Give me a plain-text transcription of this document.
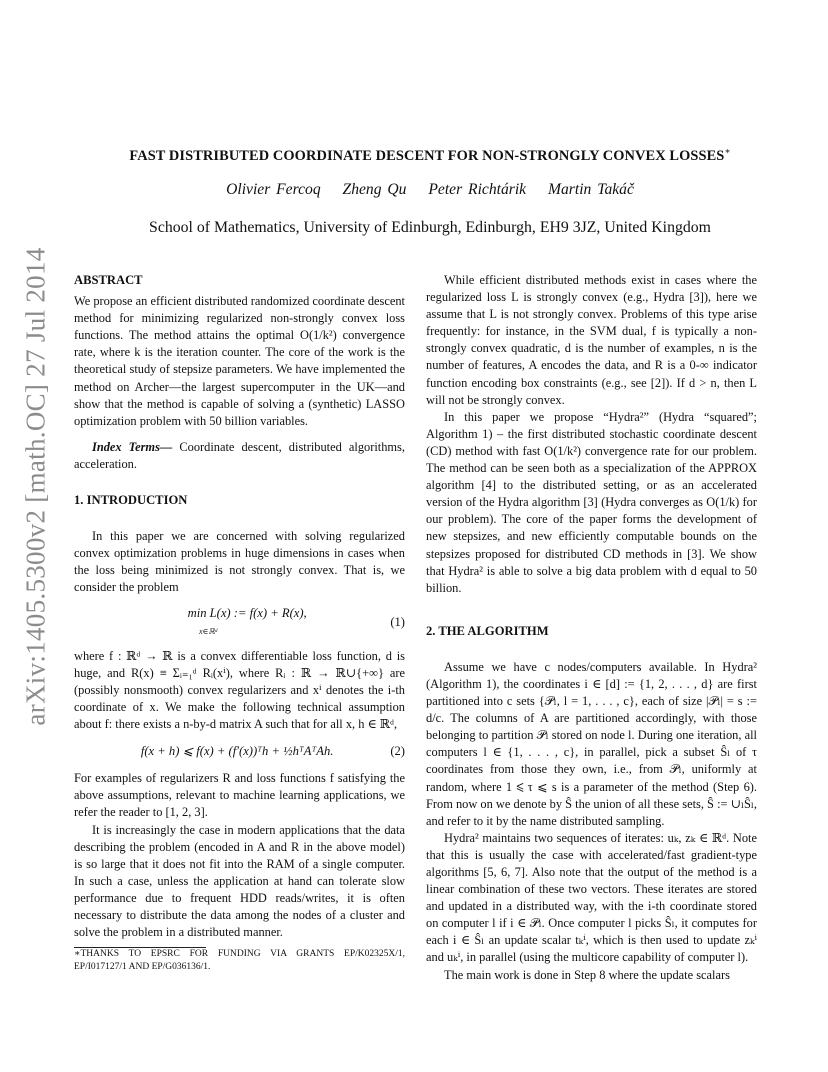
arXiv:1405.5300v2 [math.OC] 27 Jul 2014
FAST DISTRIBUTED COORDINATE DESCENT FOR NON-STRONGLY CONVEX LOSSES∗
Olivier Fercoq Zheng Qu Peter Richtárik Martin Takáč
School of Mathematics, University of Edinburgh, Edinburgh, EH9 3JZ, United Kingdom

ABSTRACT

We propose an efficient distributed randomized coordinate descent method for minimizing regularized non-strongly convex loss functions. The method attains the optimal O(1/k²) convergence rate, where k is the iteration counter. The core of the work is the theoretical study of stepsize parameters. We have implemented the method on Archer—the largest supercomputer in the UK—and show that the method is capable of solving a (synthetic) LASSO optimization problem with 50 billion variables.

Index Terms— Coordinate descent, distributed algorithms, acceleration.

1. INTRODUCTION

In this paper we are concerned with solving regularized convex optimization problems in huge dimensions in cases when the loss being minimized is not strongly convex. That is, we consider the problem

min L(x) := f(x) + R(x),
x∈ℝᵈ
(1)

where f : ℝᵈ → ℝ is a convex differentiable loss function, d is huge, and R(x) ≡ Σᵢ₌₁ᵈ Rᵢ(xⁱ), where Rᵢ : ℝ → ℝ∪{+∞} are (possibly nonsmooth) convex regularizers and xⁱ denotes the i-th coordinate of x. We make the following technical assumption about f: there exists a n-by-d matrix A such that for all x, h ∈ ℝᵈ,

f(x + h) ⩽ f(x) + (f′(x))ᵀh + ½hᵀAᵀAh.	(2)

For examples of regularizers R and loss functions f satisfying the above assumptions, relevant to machine learning applications, we refer the reader to [1, 2, 3].

It is increasingly the case in modern applications that the data describing the problem (encoded in A and R in the above model) is so large that it does not fit into the RAM of a single computer. In such a case, unless the application at hand can tolerate slow performance due to frequent HDD reads/writes, it is often necessary to distribute the data among the nodes of a cluster and solve the problem in a distributed manner.

∗THANKS TO EPSRC FOR FUNDING VIA GRANTS EP/K02325X/1, EP/I017127/1 AND EP/G036136/1.

While efficient distributed methods exist in cases where the regularized loss L is strongly convex (e.g., Hydra [3]), here we assume that L is not strongly convex. Problems of this type arise frequently: for instance, in the SVM dual, f is typically a non-strongly convex quadratic, d is the number of examples, n is the number of features, A encodes the data, and R is a 0-∞ indicator function encoding box constraints (e.g., see [2]). If d > n, then L will not be strongly convex.

In this paper we propose “Hydra²” (Hydra “squared”; Algorithm 1) – the first distributed stochastic coordinate descent (CD) method with fast O(1/k²) convergence rate for our problem. The method can be seen both as a specialization of the APPROX algorithm [4] to the distributed setting, or as an accelerated version of the Hydra algorithm [3] (Hydra converges as O(1/k) for our problem). The core of the paper forms the development of new stepsizes, and new efficiently computable bounds on the stepsizes proposed for distributed CD methods in [3]. We show that Hydra² is able to solve a big data problem with d equal to 50 billion.

2. THE ALGORITHM

Assume we have c nodes/computers available. In Hydra² (Algorithm 1), the coordinates i ∈ [d] := {1, 2, . . . , d} are first partitioned into c sets {𝒫ₗ, l = 1, . . . , c}, each of size |𝒫ₗ| = s := d/c. The columns of A are partitioned accordingly, with those belonging to partition 𝒫ₗ stored on node l. During one iteration, all computers l ∈ {1, . . . , c}, in parallel, pick a subset Ŝₗ of τ coordinates from those they own, i.e., from 𝒫ₗ, uniformly at random, where 1 ⩽ τ ⩽ s is a parameter of the method (Step 6). From now on we denote by Ŝ the union of all these sets, Ŝ := ∪ₗŜₗ, and refer to it by the name distributed sampling.

Hydra² maintains two sequences of iterates: uₖ, zₖ ∈ ℝᵈ. Note that this is usually the case with accelerated/fast gradient-type algorithms [5, 6, 7]. Also note that the output of the method is a linear combination of these two vectors. These iterates are stored and updated in a distributed way, with the i-th coordinate stored on computer l if i ∈ 𝒫ₗ. Once computer l picks Ŝₗ, it computes for each i ∈ Ŝₗ an update scalar tₖⁱ, which is then used to update zₖⁱ and uₖⁱ, in parallel (using the multicore capability of computer l).

The main work is done in Step 8 where the update scalars
